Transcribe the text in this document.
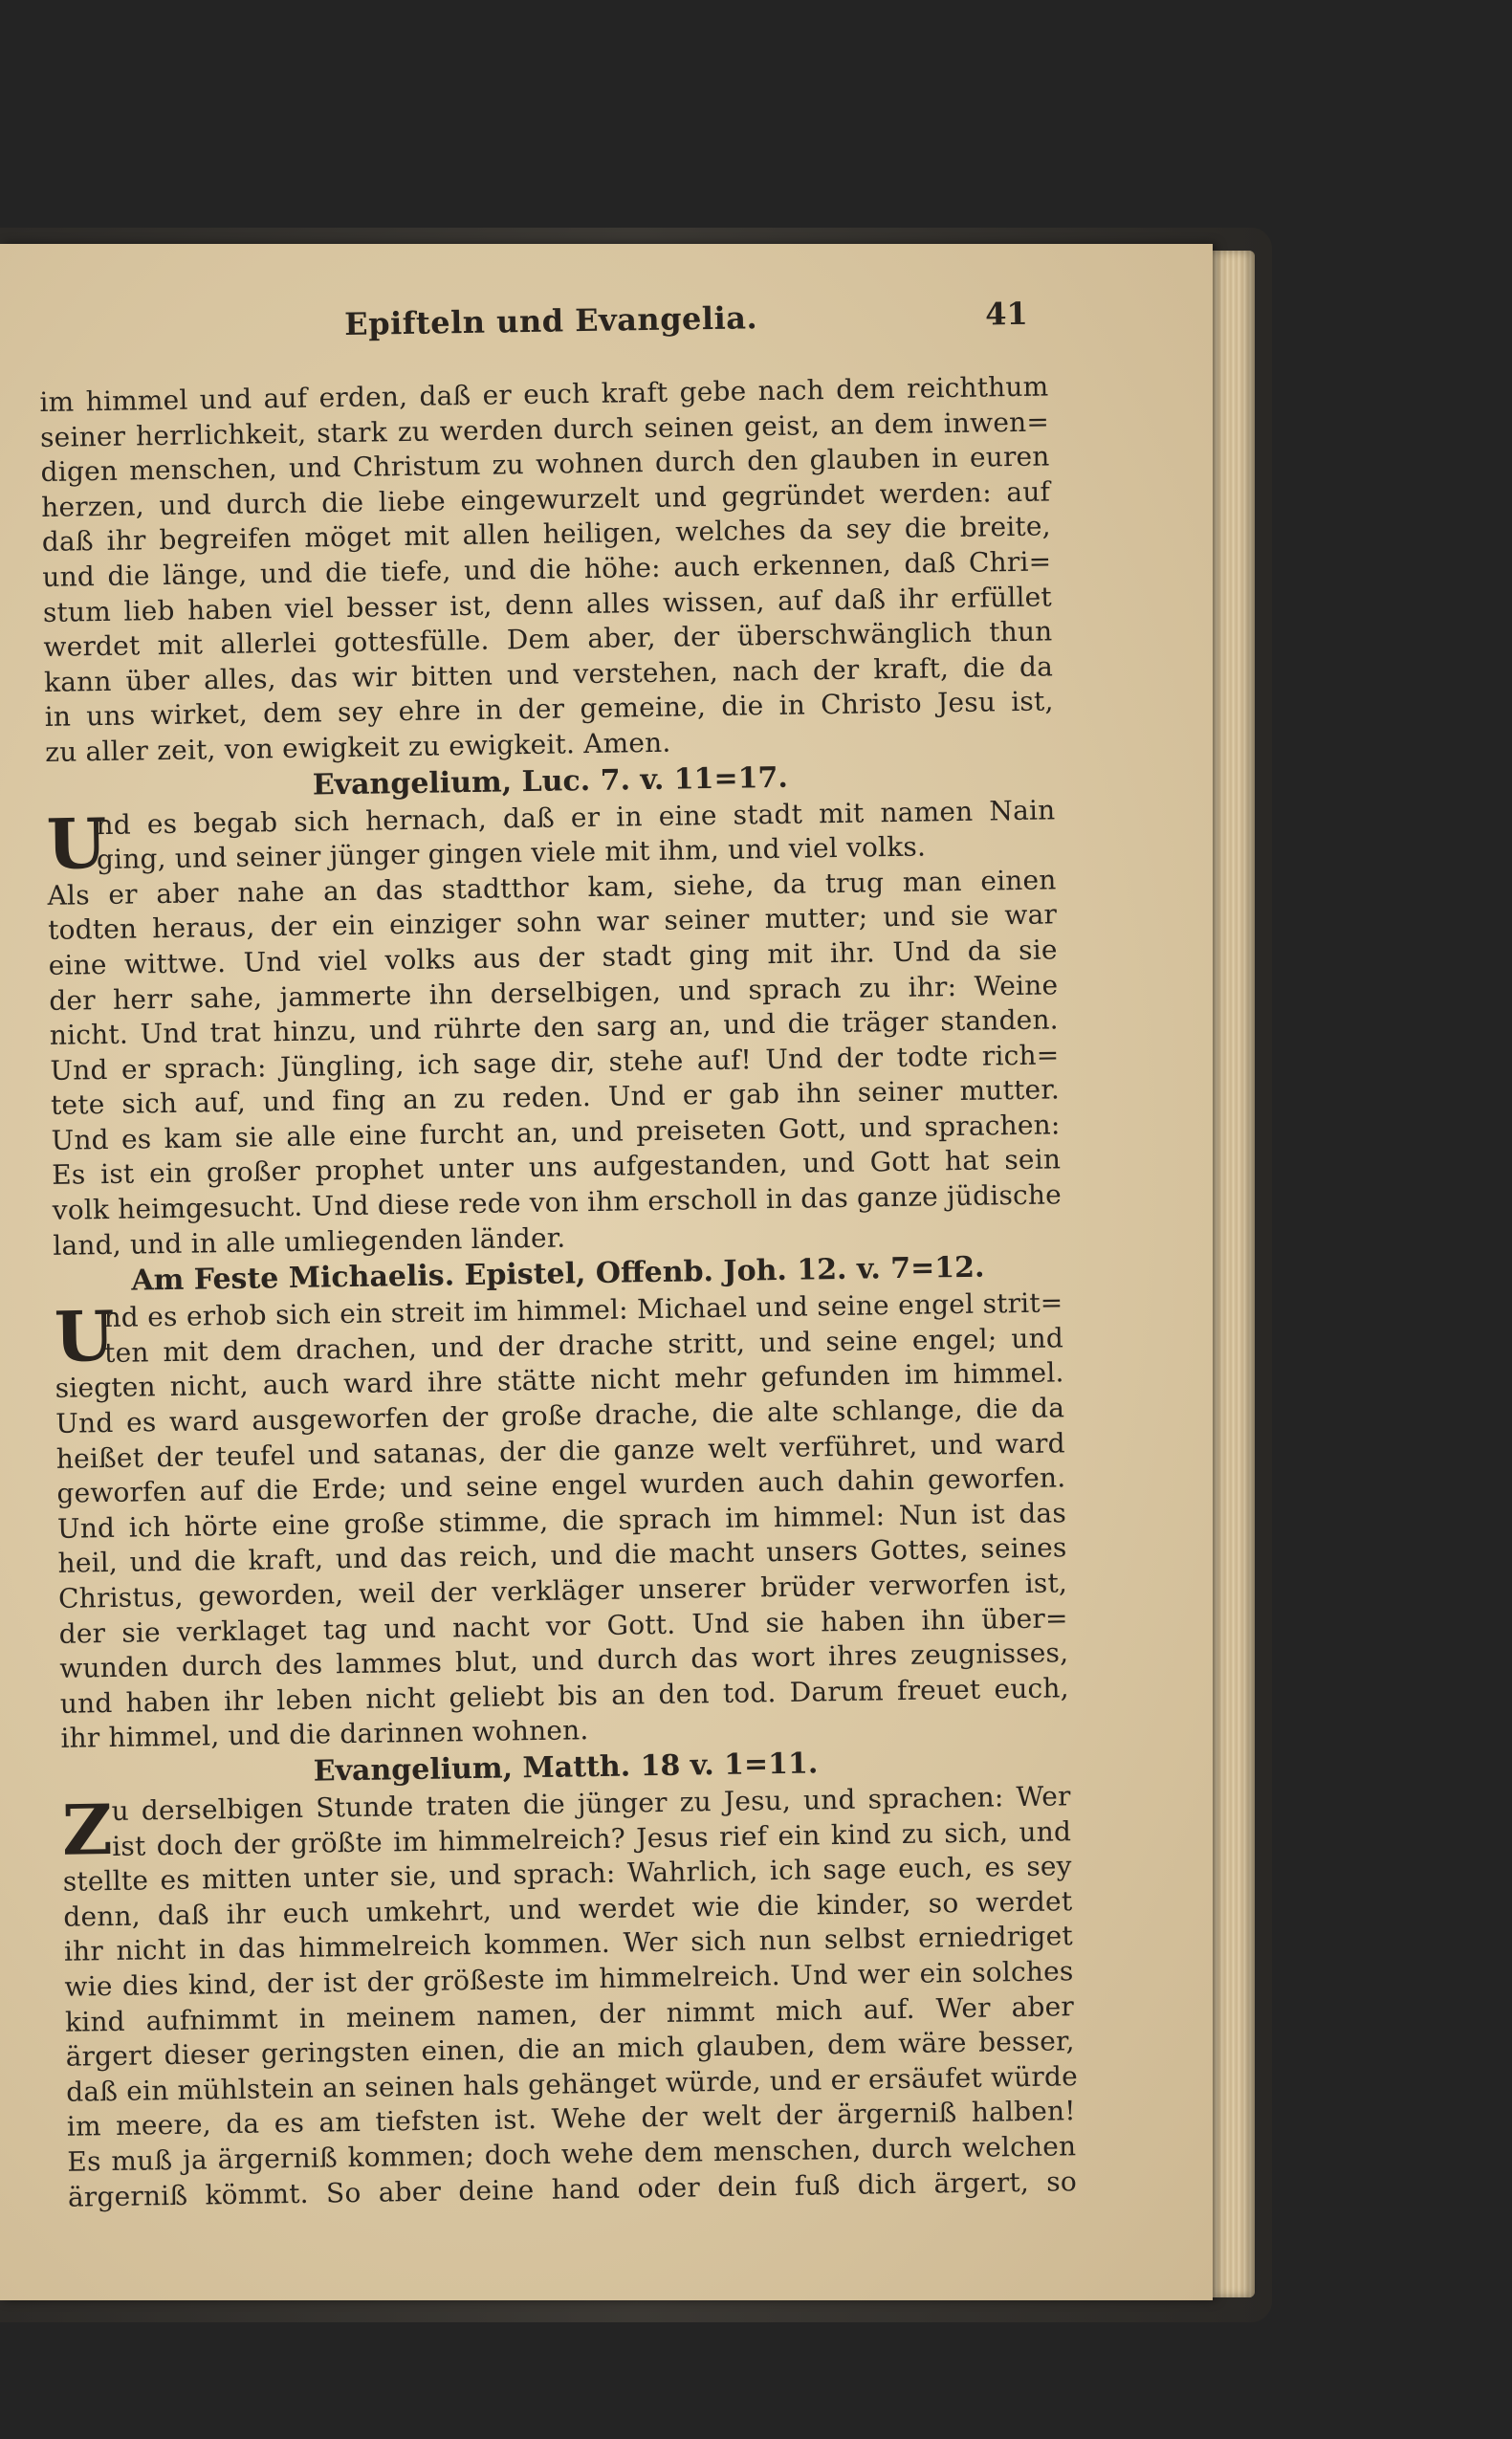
Epifteln und Evangelia.	41
im himmel und auf erden, daß er euch kraft gebe nach dem reichthum
seiner herrlichkeit, stark zu werden durch seinen geist, an dem inwen=
digen menschen, und Christum zu wohnen durch den glauben in euren
herzen, und durch die liebe eingewurzelt und gegründet werden: auf
daß ihr begreifen möget mit allen heiligen, welches da sey die breite,
und die länge, und die tiefe, und die höhe: auch erkennen, daß Chri=
stum lieb haben viel besser ist, denn alles wissen, auf daß ihr erfüllet
werdet mit allerlei gottesfülle. Dem aber, der überschwänglich thun
kann über alles, das wir bitten und verstehen, nach der kraft, die da
in uns wirket, dem sey ehre in der gemeine, die in Christo Jesu ist,
zu aller zeit, von ewigkeit zu ewigkeit. Amen.
Evangelium, Luc. 7. v. 11=17.
U
nd es begab sich hernach, daß er in eine stadt mit namen Nain
ging, und seiner jünger gingen viele mit ihm, und viel volks.
Als er aber nahe an das stadtthor kam, siehe, da trug man einen
todten heraus, der ein einziger sohn war seiner mutter; und sie war
eine wittwe. Und viel volks aus der stadt ging mit ihr. Und da sie
der herr sahe, jammerte ihn derselbigen, und sprach zu ihr: Weine
nicht. Und trat hinzu, und rührte den sarg an, und die träger standen.
Und er sprach: Jüngling, ich sage dir, stehe auf! Und der todte rich=
tete sich auf, und fing an zu reden. Und er gab ihn seiner mutter.
Und es kam sie alle eine furcht an, und preiseten Gott, und sprachen:
Es ist ein großer prophet unter uns aufgestanden, und Gott hat sein
volk heimgesucht. Und diese rede von ihm erscholl in das ganze jüdische
land, und in alle umliegenden länder.
Am Feste Michaelis. Epistel, Offenb. Joh. 12. v. 7=12.
U
nd es erhob sich ein streit im himmel: Michael und seine engel strit=
ten mit dem drachen, und der drache stritt, und seine engel; und
siegten nicht, auch ward ihre stätte nicht mehr gefunden im himmel.
Und es ward ausgeworfen der große drache, die alte schlange, die da
heißet der teufel und satanas, der die ganze welt verführet, und ward
geworfen auf die Erde; und seine engel wurden auch dahin geworfen.
Und ich hörte eine große stimme, die sprach im himmel: Nun ist das
heil, und die kraft, und das reich, und die macht unsers Gottes, seines
Christus, geworden, weil der verkläger unserer brüder verworfen ist,
der sie verklaget tag und nacht vor Gott. Und sie haben ihn über=
wunden durch des lammes blut, und durch das wort ihres zeugnisses,
und haben ihr leben nicht geliebt bis an den tod. Darum freuet euch,
ihr himmel, und die darinnen wohnen.
Evangelium, Matth. 18 v. 1=11.
Z
u derselbigen Stunde traten die jünger zu Jesu, und sprachen: Wer
ist doch der größte im himmelreich? Jesus rief ein kind zu sich, und
stellte es mitten unter sie, und sprach: Wahrlich, ich sage euch, es sey
denn, daß ihr euch umkehrt, und werdet wie die kinder, so werdet
ihr nicht in das himmelreich kommen. Wer sich nun selbst erniedriget
wie dies kind, der ist der größeste im himmelreich. Und wer ein solches
kind aufnimmt in meinem namen, der nimmt mich auf. Wer aber
ärgert dieser geringsten einen, die an mich glauben, dem wäre besser,
daß ein mühlstein an seinen hals gehänget würde, und er ersäufet würde
im meere, da es am tiefsten ist. Wehe der welt der ärgerniß halben!
Es muß ja ärgerniß kommen; doch wehe dem menschen, durch welchen
ärgerniß kömmt. So aber deine hand oder dein fuß dich ärgert, so
